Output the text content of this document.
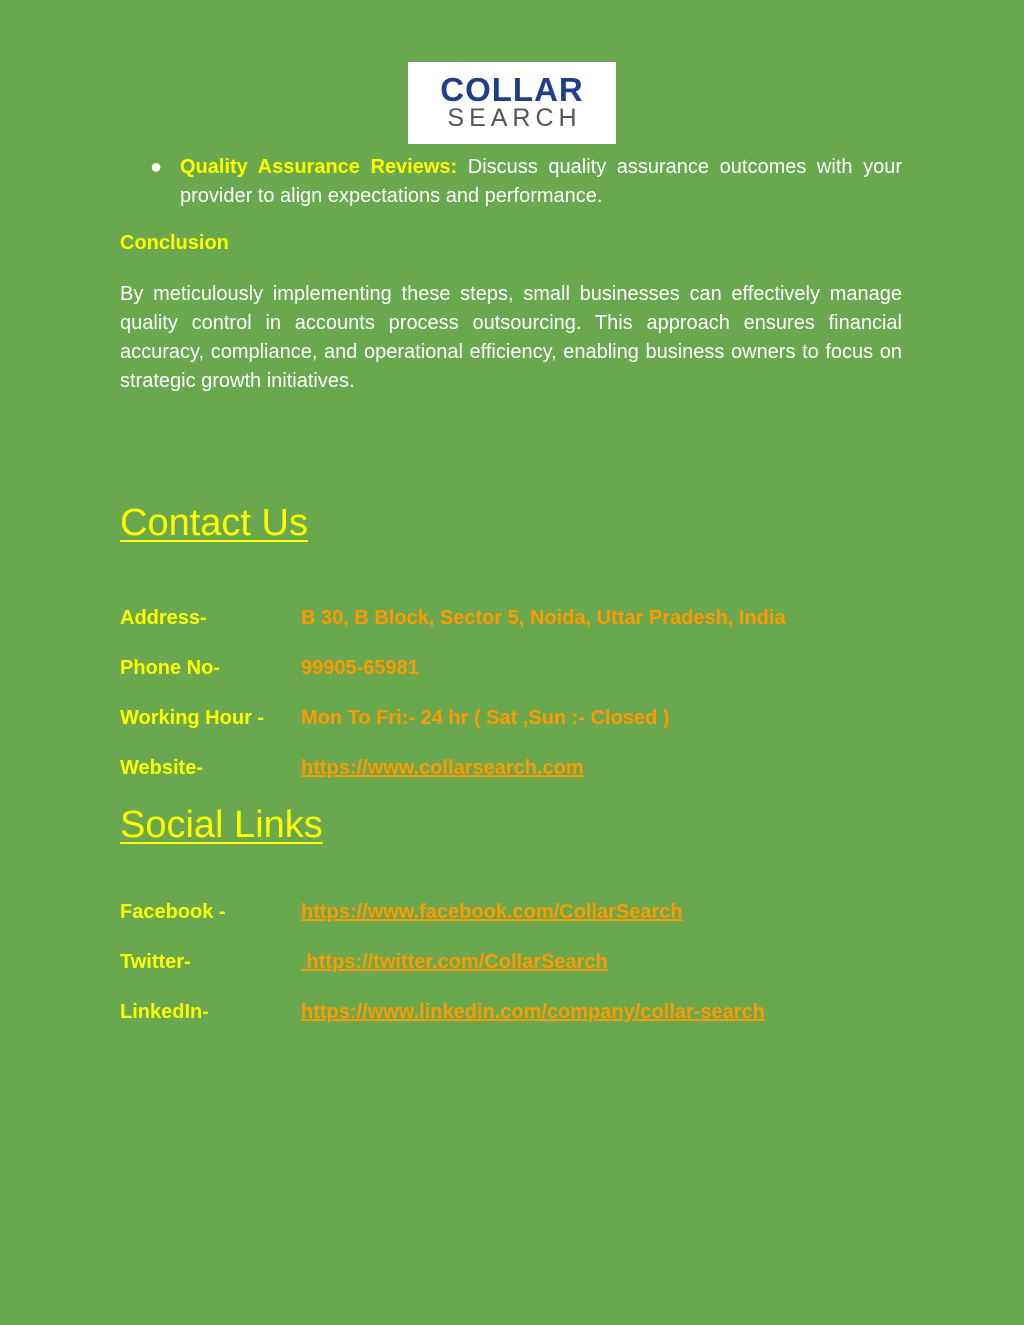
COLLAR
SEARCH
● Quality Assurance Reviews: Discuss quality assurance outcomes with your provider to align expectations and performance.
Conclusion
By meticulously implementing these steps, small businesses can effectively manage quality control in accounts process outsourcing. This approach ensures financial accuracy, compliance, and operational efficiency, enabling business owners to focus on strategic growth initiatives.
Contact Us
Address-	B 30, B Block, Sector 5, Noida, Uttar Pradesh, India
Phone No-	99905-65981
Working Hour - Mon To Fri:- 24 hr ( Sat ,Sun :- Closed )
Website-	https://www.collarsearch.com
Social Links
Facebook -	https://www.facebook.com/CollarSearch
Twitter-	https://twitter.com/CollarSearch
LinkedIn-	https://www.linkedin.com/company/collar-search
